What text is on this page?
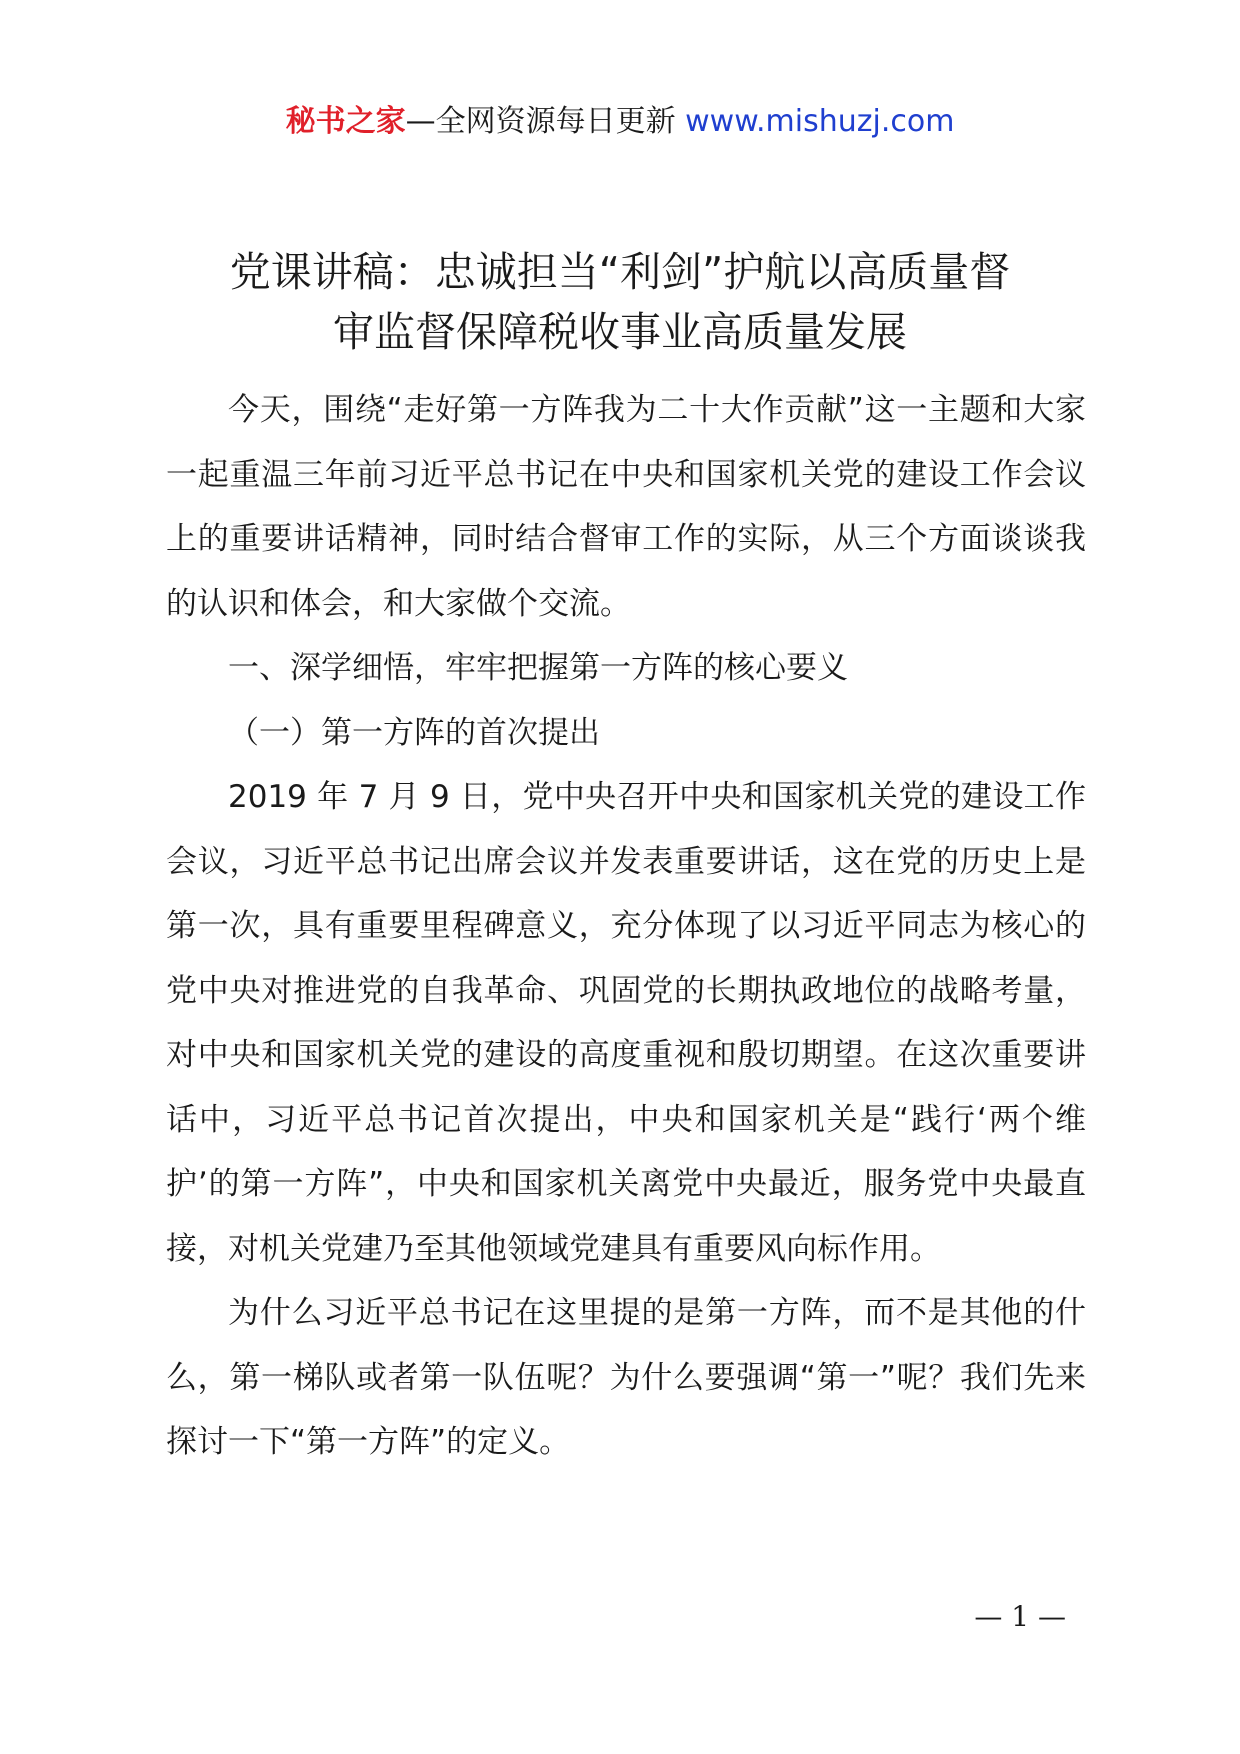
秘书之家—全网资源每日更新 www.mishuzj.com
党课讲稿：忠诚担当“利剑”护航以高质量督
审监督保障税收事业高质量发展

今天，围绕“走好第一方阵我为二十大作贡献”这一主题和大家一起重温三年前习近平总书记在中央和国家机关党的建设工作会议上的重要讲话精神，同时结合督审工作的实际，从三个方面谈谈我的认识和体会，和大家做个交流。

一、深学细悟，牢牢把握第一方阵的核心要义

（一）第一方阵的首次提出

2019 年 7 月 9 日，党中央召开中央和国家机关党的建设工作会议，习近平总书记出席会议并发表重要讲话，这在党的历史上是第一次，具有重要里程碑意义，充分体现了以习近平同志为核心的党中央对推进党的自我革命、巩固党的长期执政地位的战略考量，对中央和国家机关党的建设的高度重视和殷切期望。在这次重要讲话中，习近平总书记首次提出，中央和国家机关是“践行‘两个维护’的第一方阵”，中央和国家机关离党中央最近，服务党中央最直接，对机关党建乃至其他领域党建具有重要风向标作用。

为什么习近平总书记在这里提的是第一方阵，而不是其他的什么，第一梯队或者第一队伍呢？为什么要强调“第一”呢？我们先来探讨一下“第一方阵”的定义。

— 1 —
